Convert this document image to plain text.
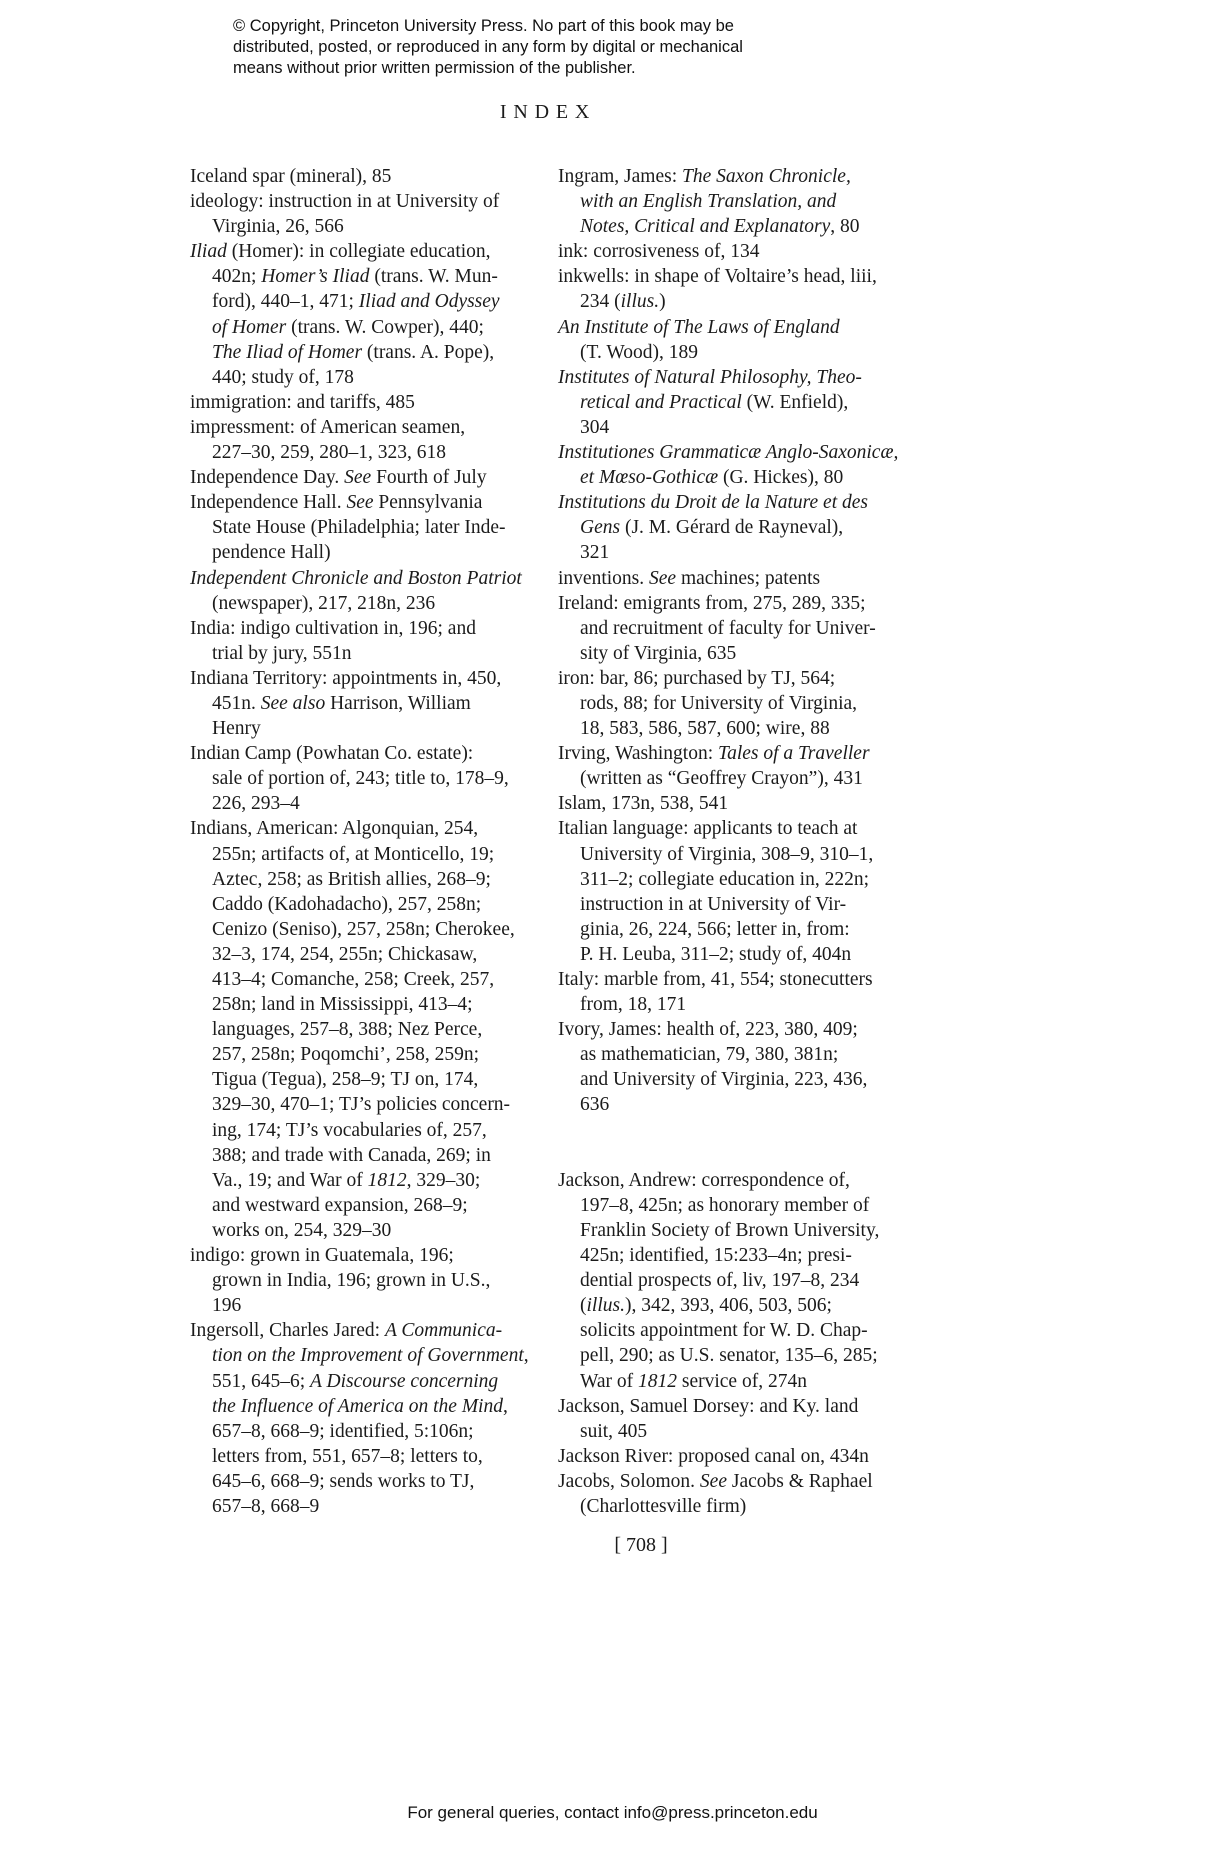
© Copyright, Princeton University Press. No part of this book may be
distributed, posted, or reproduced in any form by digital or mechanical
means without prior written permission of the publisher.
INDEX
Iceland spar (mineral), 85
ideology: instruction in at University of
Virginia, 26, 566
Iliad (Homer): in collegiate education,
402n; Homer’s Iliad (trans. W. Mun-
ford), 440–1, 471; Iliad and Odyssey
of Homer (trans. W. Cowper), 440;
The Iliad of Homer (trans. A. Pope),
440; study of, 178
immigration: and tariffs, 485
impressment: of American seamen,
227–30, 259, 280–1, 323, 618
Independence Day. See Fourth of July
Independence Hall. See Pennsylvania
State House (Philadelphia; later Inde-
pendence Hall)
Independent Chronicle and Boston Patriot
(newspaper), 217, 218n, 236
India: indigo cultivation in, 196; and
trial by jury, 551n
Indiana Territory: appointments in, 450,
451n. See also Harrison, William
Henry
Indian Camp (Powhatan Co. estate):
sale of portion of, 243; title to, 178–9,
226, 293–4
Indians, American: Algonquian, 254,
255n; artifacts of, at Monticello, 19;
Aztec, 258; as British allies, 268–9;
Caddo (Kadohadacho), 257, 258n;
Cenizo (Seniso), 257, 258n; Cherokee,
32–3, 174, 254, 255n; Chickasaw,
413–4; Comanche, 258; Creek, 257,
258n; land in Mississippi, 413–4;
languages, 257–8, 388; Nez Perce,
257, 258n; Poqomchi’, 258, 259n;
Tigua (Tegua), 258–9; TJ on, 174,
329–30, 470–1; TJ’s policies concern-
ing, 174; TJ’s vocabularies of, 257,
388; and trade with Canada, 269; in
Va., 19; and War of 1812, 329–30;
and westward expansion, 268–9;
works on, 254, 329–30
indigo: grown in Guatemala, 196;
grown in India, 196; grown in U.S.,
196
Ingersoll, Charles Jared: A Communica-
tion on the Improvement of Government,
551, 645–6; A Discourse concerning
the Influence of America on the Mind,
657–8, 668–9; identified, 5:106n;
letters from, 551, 657–8; letters to,
645–6, 668–9; sends works to TJ,
657–8, 668–9
Ingram, James: The Saxon Chronicle,
with an English Translation, and
Notes, Critical and Explanatory, 80
ink: corrosiveness of, 134
inkwells: in shape of Voltaire’s head, liii,
234 (illus.)
An Institute of The Laws of England
(T. Wood), 189
Institutes of Natural Philosophy, Theo-
retical and Practical (W. Enfield),
304
Institutiones Grammaticæ Anglo-Saxonicæ,
et Mœso-Gothicæ (G. Hickes), 80
Institutions du Droit de la Nature et des
Gens (J. M. Gérard de Rayneval),
321
inventions. See machines; patents
Ireland: emigrants from, 275, 289, 335;
and recruitment of faculty for Univer-
sity of Virginia, 635
iron: bar, 86; purchased by TJ, 564;
rods, 88; for University of Virginia,
18, 583, 586, 587, 600; wire, 88
Irving, Washington: Tales of a Traveller
(written as “Geoffrey Crayon”), 431
Islam, 173n, 538, 541
Italian language: applicants to teach at
University of Virginia, 308–9, 310–1,
311–2; collegiate education in, 222n;
instruction in at University of Vir-
ginia, 26, 224, 566; letter in, from:
P. H. Leuba, 311–2; study of, 404n
Italy: marble from, 41, 554; stonecutters
from, 18, 171
Ivory, James: health of, 223, 380, 409;
as mathematician, 79, 380, 381n;
and University of Virginia, 223, 436,
636
Jackson, Andrew: correspondence of,
197–8, 425n; as honorary member of
Franklin Society of Brown University,
425n; identified, 15:233–4n; presi-
dential prospects of, liv, 197–8, 234
(illus.), 342, 393, 406, 503, 506;
solicits appointment for W. D. Chap-
pell, 290; as U.S. senator, 135–6, 285;
War of 1812 service of, 274n
Jackson, Samuel Dorsey: and Ky. land
suit, 405
Jackson River: proposed canal on, 434n
Jacobs, Solomon. See Jacobs & Raphael
(Charlottesville firm)
[ 708 ]
For general queries, contact info@press.princeton.edu
